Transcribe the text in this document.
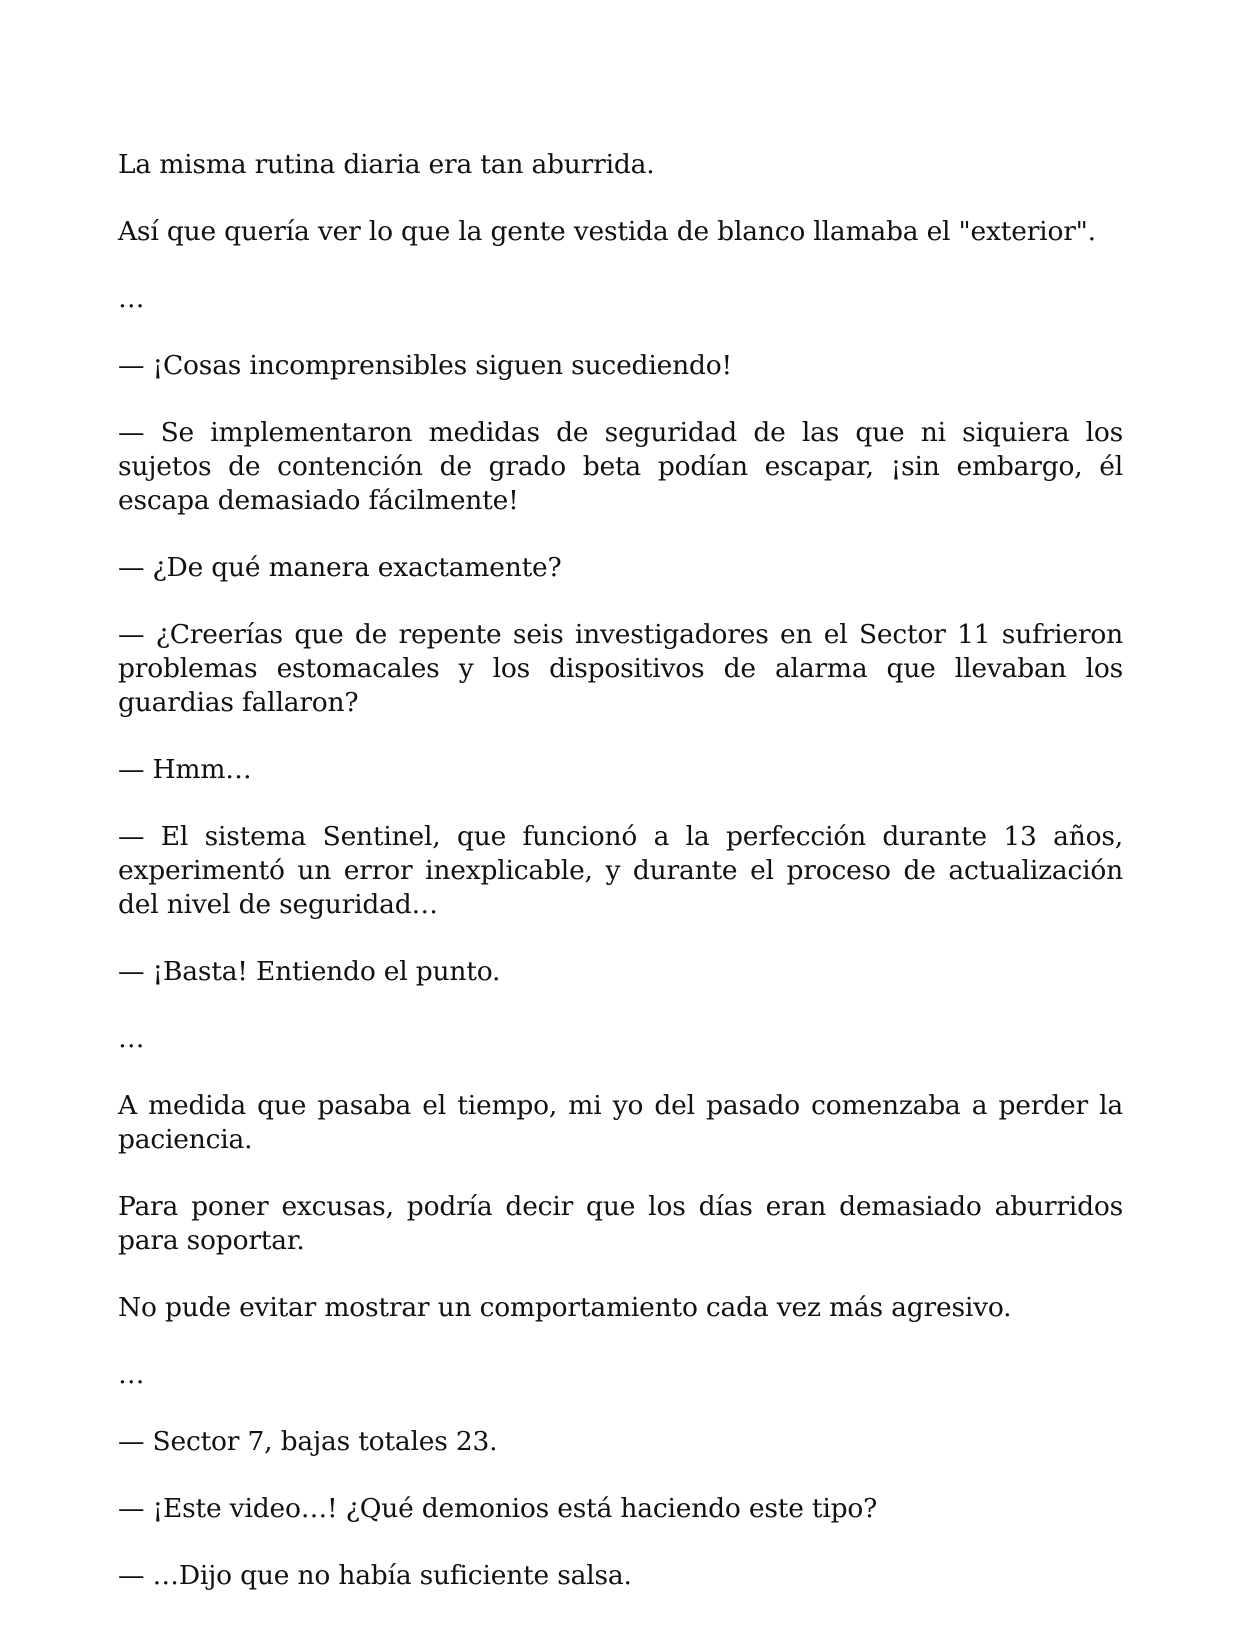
La misma rutina diaria era tan aburrida.

Así que quería ver lo que la gente vestida de blanco llamaba el "exterior".

…

— ¡Cosas incomprensibles siguen sucediendo!

— Se implementaron medidas de seguridad de las que ni siquiera los sujetos de contención de grado beta podían escapar, ¡sin embargo, él escapa demasiado fácilmente!

— ¿De qué manera exactamente?

— ¿Creerías que de repente seis investigadores en el Sector 11 sufrieron problemas estomacales y los dispositivos de alarma que llevaban los guardias fallaron?

— Hmm…

— El sistema Sentinel, que funcionó a la perfección durante 13 años, experimentó un error inexplicable, y durante el proceso de actualización del nivel de seguridad…

— ¡Basta! Entiendo el punto.

…

A medida que pasaba el tiempo, mi yo del pasado comenzaba a perder la paciencia.

Para poner excusas, podría decir que los días eran demasiado aburridos para soportar.

No pude evitar mostrar un comportamiento cada vez más agresivo.

…

— Sector 7, bajas totales 23.

— ¡Este video…! ¿Qué demonios está haciendo este tipo?

— …Dijo que no había suficiente salsa.
